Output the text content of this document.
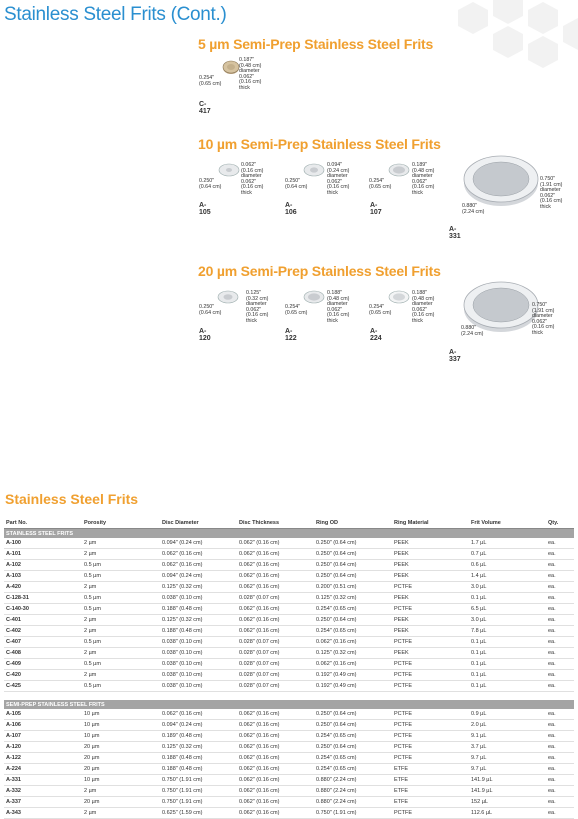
Stainless Steel Frits (Cont.)
5 µm Semi-Prep Stainless Steel Frits
0.254"
(0.65 cm)
0.187"
(0.48 cm)
diameter
0.062"
(0.16 cm)
thick
C-417
10 µm Semi-Prep Stainless Steel Frits
0.250"
(0.64 cm)
0.062"
(0.16 cm)
diameter
0.062"
(0.16 cm)
thick
A-105
0.250"
(0.64 cm)
0.094"
(0.24 cm)
diameter
0.062"
(0.16 cm)
thick
A-106
0.254"
(0.65 cm)
0.189"
(0.48 cm)
diameter
0.062"
(0.16 cm)
thick
A-107
0.880"
(2.24 cm)
0.750"
(1.91 cm)
diameter
0.062"
(0.16 cm)
thick
A-331
20 µm Semi-Prep Stainless Steel Frits
0.250"
(0.64 cm)
0.125"
(0.32 cm)
diameter
0.062"
(0.16 cm)
thick
A-120
0.254"
(0.65 cm)
0.188"
(0.48 cm)
diameter
0.062"
(0.16 cm)
thick
A-122
0.254"
(0.65 cm)
0.188"
(0.48 cm)
diameter
0.062"
(0.16 cm)
thick
A-224
0.880"
(2.24 cm)
0.750"
(1.91 cm)
diameter
0.062"
(0.16 cm)
thick
A-337
Stainless Steel Frits
Part No.	Porosity	Disc Diameter	Disc Thickness	Ring OD	Ring Material	Frit Volume	Qty.
STAINLESS STEEL FRITS							
A-100	2 µm	0.094" (0.24 cm)	0.062" (0.16 cm)	0.250" (0.64 cm)	PEEK	1.7 µL	ea.
A-101	2 µm	0.062" (0.16 cm)	0.062" (0.16 cm)	0.250" (0.64 cm)	PEEK	0.7 µL	ea.
A-102	0.5 µm	0.062" (0.16 cm)	0.062" (0.16 cm)	0.250" (0.64 cm)	PEEK	0.6 µL	ea.
A-103	0.5 µm	0.094" (0.24 cm)	0.062" (0.16 cm)	0.250" (0.64 cm)	PEEK	1.4 µL	ea.
A-420	2 µm	0.125" (0.32 cm)	0.062" (0.16 cm)	0.200" (0.51 cm)	PCTFE	3.0 µL	ea.
C-128-31	0.5 µm	0.038" (0.10 cm)	0.028" (0.07 cm)	0.125" (0.32 cm)	PEEK	0.1 µL	ea.
C-140-30	0.5 µm	0.188" (0.48 cm)	0.062" (0.16 cm)	0.254" (0.65 cm)	PCTFE	6.5 µL	ea.
C-401	2 µm	0.125" (0.32 cm)	0.062" (0.16 cm)	0.250" (0.64 cm)	PEEK	3.0 µL	ea.
C-402	2 µm	0.188" (0.48 cm)	0.062" (0.16 cm)	0.254" (0.65 cm)	PEEK	7.8 µL	ea.
C-407	0.5 µm	0.038" (0.10 cm)	0.028" (0.07 cm)	0.062" (0.16 cm)	PCTFE	0.1 µL	ea.
C-408	2 µm	0.038" (0.10 cm)	0.028" (0.07 cm)	0.125" (0.32 cm)	PEEK	0.1 µL	ea.
C-409	0.5 µm	0.038" (0.10 cm)	0.028" (0.07 cm)	0.062" (0.16 cm)	PCTFE	0.1 µL	ea.
C-420	2 µm	0.038" (0.10 cm)	0.028" (0.07 cm)	0.192" (0.49 cm)	PCTFE	0.1 µL	ea.
C-425	0.5 µm	0.038" (0.10 cm)	0.028" (0.07 cm)	0.192" (0.49 cm)	PCTFE	0.1 µL	ea.

SEMI-PREP STAINLESS STEEL FRITS							
A-105	10 µm	0.062" (0.16 cm)	0.062" (0.16 cm)	0.250" (0.64 cm)	PCTFE	0.9 µL	ea.
A-106	10 µm	0.094" (0.24 cm)	0.062" (0.16 cm)	0.250" (0.64 cm)	PCTFE	2.0 µL	ea.
A-107	10 µm	0.189" (0.48 cm)	0.062" (0.16 cm)	0.254" (0.65 cm)	PCTFE	9.1 µL	ea.
A-120	20 µm	0.125" (0.32 cm)	0.062" (0.16 cm)	0.250" (0.64 cm)	PCTFE	3.7 µL	ea.
A-122	20 µm	0.188" (0.48 cm)	0.062" (0.16 cm)	0.254" (0.65 cm)	PCTFE	9.7 µL	ea.
A-224	20 µm	0.188" (0.48 cm)	0.062" (0.16 cm)	0.254" (0.65 cm)	ETFE	9.7 µL	ea.
A-331	10 µm	0.750" (1.91 cm)	0.062" (0.16 cm)	0.880" (2.24 cm)	ETFE	141.9 µL	ea.
A-332	2 µm	0.750" (1.91 cm)	0.062" (0.16 cm)	0.880" (2.24 cm)	ETFE	141.9 µL	ea.
A-337	20 µm	0.750" (1.91 cm)	0.062" (0.16 cm)	0.880" (2.24 cm)	ETFE	152 µL	ea.
A-343	2 µm	0.625" (1.59 cm)	0.062" (0.16 cm)	0.750" (1.91 cm)	PCTFE	112.6 µL	ea.
